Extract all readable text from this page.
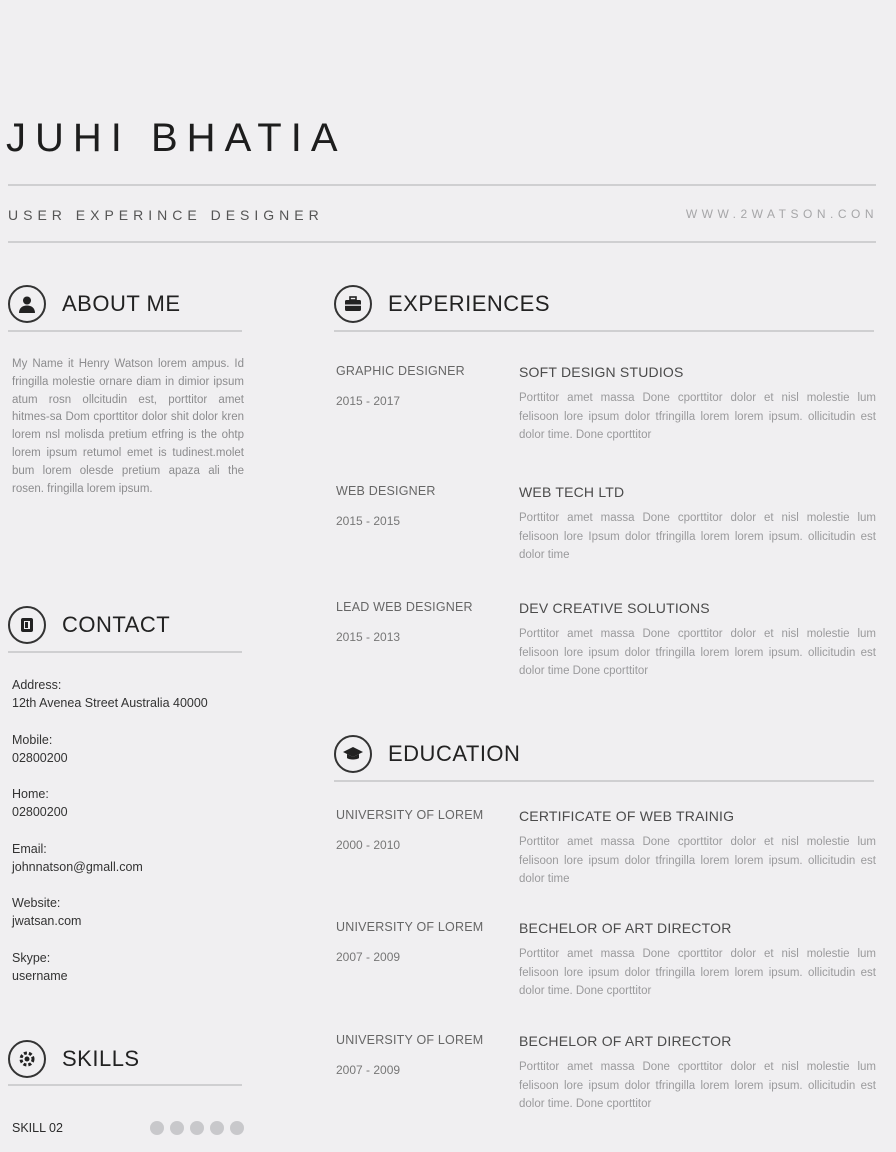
JUHI BHATIA
USER EXPERINCE DESIGNER	WWW.2WATSON.CON
ABOUT ME
My Name it Henry Watson lorem ampus. Id fringilla molestie ornare diam in dimior ipsum atum rosn ollcitudin est, porttitor amet hitmes-sa Dom cporttitor dolor shit dolor kren lorem nsl molisda pretium etfring is the ohtp lorem ipsum retumol emet is tudinest.molet bum lorem olesde pretium apaza ali the rosen. fringilla lorem ipsum.
CONTACT
Address:
12th Avenea Street Australia 40000
Mobile:
02800200
Home:
02800200
Email:
johnnatson@gmall.com
Website:
jwatsan.com
Skype:
username
SKILLS
SKILL 02
EXPERIENCES
GRAPHIC DESIGNER
2015 - 2017
SOFT DESIGN STUDIOS
Porttitor amet massa Done cporttitor dolor et nisl molestie lum felisoon lore ipsum dolor tfringilla lorem lorem ipsum. ollicitudin est dolor time. Done cporttitor
WEB DESIGNER
2015 - 2015
WEB TECH LTD
Porttitor amet massa Done cporttitor dolor et nisl molestie lum felisoon lore Ipsum dolor tfringilla lorem lorem ipsum. ollicitudin est dolor time
LEAD WEB DESIGNER
2015 - 2013
DEV CREATIVE SOLUTIONS
Porttitor amet massa Done cporttitor dolor et nisl molestie lum felisoon lore ipsum dolor tfringilla lorem lorem ipsum. ollicitudin est dolor time Done cporttitor
EDUCATION
UNIVERSITY OF LOREM
2000 - 2010
CERTIFICATE OF WEB TRAINIG
Porttitor amet massa Done cporttitor dolor et nisl molestie lum felisoon lore ipsum dolor tfringilla lorem lorem ipsum. ollicitudin est dolor time
UNIVERSITY OF LOREM
2007 - 2009
BECHELOR OF ART DIRECTOR
Porttitor amet massa Done cporttitor dolor et nisl molestie lum felisoon lore ipsum dolor tfringilla lorem lorem ipsum. ollicitudin est dolor time. Done cporttitor
UNIVERSITY OF LOREM
2007 - 2009
BECHELOR OF ART DIRECTOR
Porttitor amet massa Done cporttitor dolor et nisl molestie lum felisoon lore ipsum dolor tfringilla lorem lorem ipsum. ollicitudin est dolor time. Done cporttitor
